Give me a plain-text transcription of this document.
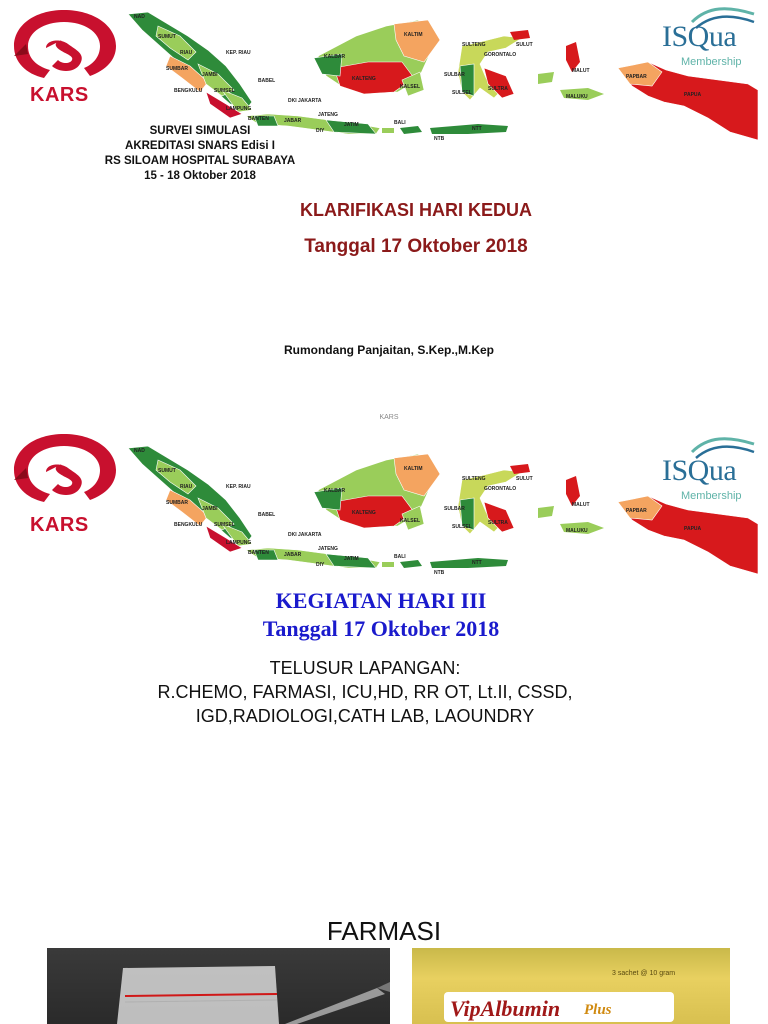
KARS
NAD
SUMUT
RIAU	KEP. RIAU
SUMBAR
JAMBI
BENGKULU SUMSEL
LAMPUNG
BABEL
KALBAR
KALTIM
KALTENG
KALSEL
SULTENG	SULUT
GORONTALO
SULBAR
SULSEL
SULTRA
MALUT
MALUKU
PAPBAR
PAPUA
DKI JAKARTA
BANTEN	JABAR
JATENG
DIY
JATIM	BALI
NTB
NTT
ISQua
Membership
SURVEI SIMULASI
AKREDITASI SNARS Edisi I
RS SILOAM HOSPITAL SURABAYA
15 - 18 Oktober 2018
KLARIFIKASI HARI KEDUA
Tanggal 17 Oktober 2018
Rumondang Panjaitan, S.Kep.,M.Kep
KARS
KARS
NAD
SUMUT
RIAU	KEP. RIAU
SUMBAR
JAMBI
BENGKULU SUMSEL
LAMPUNG
BABEL
KALBAR
KALTIM
KALTENG
KALSEL
SULTENG	SULUT
GORONTALO
SULBAR
SULSEL
SULTRA
MALUT
MALUKU
PAPBAR
PAPUA
DKI JAKARTA
BANTEN	JABAR
JATENG
DIY
JATIM	BALI
NTB
NTT
ISQua
Membership
KEGIATAN HARI III
Tanggal 17 Oktober 2018
TELUSUR LAPANGAN:
R.CHEMO, FARMASI, ICU,HD, RR OT, Lt.II, CSSD,
IGD,RADIOLOGI,CATH LAB, LAOUNDRY
FARMASI
3 sachet @ 10 gram
VipAlbumin Plus
